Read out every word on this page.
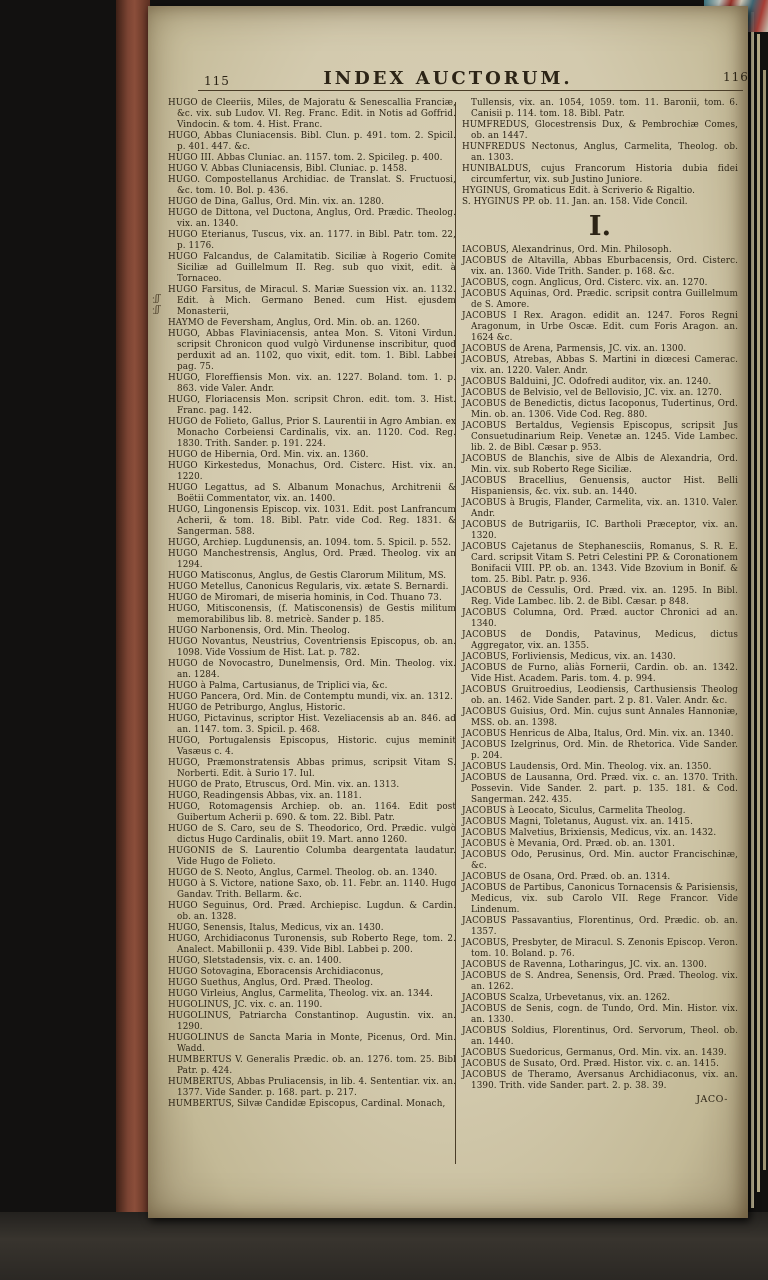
115	INDEX AUCTORUM.	116

HUGO de Cleeriis, Miles, de Majoratu & Senescallia Franciæ, &c. vix. sub Ludov. VI. Reg. Franc. Edit. in Notis ad Goffrid. Vindocin. & tom. 4. Hist. Franc.

HUGO, Abbas Cluniacensis. Bibl. Clun. p. 491. tom. 2. Spicil. p. 401. 447. &c.

HUGO III. Abbas Cluniac. an. 1157. tom. 2. Spicileg. p. 400.

HUGO V. Abbas Cluniacensis, Bibl. Cluniac. p. 1458.

HUGO. Compostellanus Archidiac. de Translat. S. Fructuosi, &c. tom. 10. Bol. p. 436.

HUGO de Dina, Gallus, Ord. Min. vix. an. 1280.

HUGO de Dittona, vel Ductona, Anglus, Ord. Prædic. Theolog. vix. an. 1340.

HUGO Eterianus, Tuscus, vix. an. 1177. in Bibl. Patr. tom. 22, p. 1176.

HUGO Falcandus, de Calamitatib. Siciliæ à Rogerio Comite Siciliæ ad Guillelmum II. Reg. sub quo vixit, edit. à Tornaceo.

HUGO Farsitus, de Miracul. S. Mariæ Suession vix. an. 1132. Edit. à Mich. Germano Bened. cum Hist. ejusdem Monasterii,

HAYMO de Feversham, Anglus, Ord. Min. ob. an. 1260.

HUGO, Abbas Flaviniacensis, antea Mon. S. Vitoni Virdun. scripsit Chronicon quod vulgò Virdunense inscribitur, quod perduxit ad an. 1102, quo vixit, edit. tom. 1. Bibl. Labbei pag. 75.

HUGO, Floreffiensis Mon. vix. an. 1227. Boland. tom. 1. p. 863. vide Valer. Andr.

HUGO, Floriacensis Mon. scripsit Chron. edit. tom. 3. Hist. Franc. pag. 142.

HUGO de Folieto, Gallus, Prior S. Laurentii in Agro Ambian. ex Monacho Corbeiensi Cardinalis, vix. an. 1120. Cod. Reg. 1830. Trith. Sander. p. 191. 224.

HUGO de Hibernia, Ord. Min. vix. an. 1360.

HUGO Kirkestedus, Monachus, Ord. Cisterc. Hist. vix. an. 1220.

HUGO Legattus, ad S. Albanum Monachus, Architrenii & Boëtii Commentator, vix. an. 1400.

HUGO, Lingonensis Episcop. vix. 1031. Edit. post Lanfrancum Acherii, & tom. 18. Bibl. Patr. vide Cod. Reg. 1831. & Sangerman. 588.

HUGO, Archiep. Lugdunensis, an. 1094. tom. 5. Spicil. p. 552.

HUGO Manchestrensis, Anglus, Ord. Præd. Theolog. vix an 1294.

HUGO Matisconus, Anglus, de Gestis Clarorum Militum, MS.

HUGO Metellus, Canonicus Regularis, vix. ætate S. Bernardi.

HUGO de Miromari, de miseria hominis, in Cod. Thuano 73.

HUGO, Mitisconensis, (f. Matisconensis) de Gestis militum memorabilibus lib. 8. metricè. Sander p. 185.

HUGO Narbonensis, Ord. Min. Theolog.

HUGO Novantus, Neustrius, Coventriensis Episcopus, ob. an. 1098. Vide Vossium de Hist. Lat. p. 782.

HUGO de Novocastro, Dunelmensis, Ord. Min. Theolog. vix. an. 1284.

HUGO à Palma, Cartusianus, de Triplici via, &c.

HUGO Pancera, Ord. Min. de Contemptu mundi, vix. an. 1312.

HUGO de Petriburgo, Anglus, Historic.

HUGO, Pictavinus, scriptor Hist. Vezeliacensis ab an. 846. ad an. 1147. tom. 3. Spicil. p. 468.

HUGO, Portugalensis Episcopus, Historic. cujus meminit Vasæus c. 4.

HUGO, Præmonstratensis Abbas primus, scripsit Vitam S. Norberti. Edit. à Surio 17. Iul.

HUGO de Prato, Etruscus, Ord. Min. vix. an. 1313.

HUGO, Readingensis Abbas, vix. an. 1181.

HUGO, Rotomagensis Archiep. ob. an. 1164. Edit post Guibertum Acherii p. 690. & tom. 22. Bibl. Patr.

HUGO de S. Caro, seu de S. Theodorico, Ord. Prædic. vulgò dictus Hugo Cardinalis, obiit 19. Mart. anno 1260.

HUGONIS de S. Laurentio Columba deargentata laudatur. Vide Hugo de Folieto.

HUGO de S. Neoto, Anglus, Carmel. Theolog. ob. an. 1340.

HUGO à S. Victore, natione Saxo, ob. 11. Febr. an. 1140. Hugo Gandav. Trith. Bellarm. &c.

HUGO Seguinus, Ord. Præd. Archiepisc. Lugdun. & Cardin. ob. an. 1328.

HUGO, Senensis, Italus, Medicus, vix an. 1430.

HUGO, Archidiaconus Turonensis, sub Roberto Rege, tom. 2. Analect. Mabillonii p. 439. Vide Bibl. Labbei p. 200.

HUGO, Sletstadensis, vix. c. an. 1400.

HUGO Sotovagina, Eboracensis Archidiaconus,

HUGO Suethus, Anglus, Ord. Præd. Theolog.

HUGO Virleius, Anglus, Carmelita, Theolog. vix. an. 1344.

HUGOLINUS, JC. vix. c. an. 1190.

HUGOLINUS, Patriarcha Constantinop. Augustin. vix. an. 1290.

HUGOLINUS de Sancta Maria in Monte, Picenus, Ord. Min. Wadd.

HUMBERTUS V. Generalis Prædic. ob. an. 1276. tom. 25. Bibl Patr. p. 424.

HUMBERTUS, Abbas Pruliacensis, in lib. 4. Sententiar. vix. an. 1377. Vide Sander. p. 168. part. p. 217.

HUMBERTUS, Silvæ Candidæ Episcopus, Cardinal. Monach,

Tullensis, vix. an. 1054, 1059. tom. 11. Baronii, tom. 6. Canisii p. 114. tom. 18. Bibl. Patr.

HUMFREDUS, Glocestrensis Dux, & Pembrochiæ Comes, ob. an 1447.

HUNFREDUS Nectonus, Anglus, Carmelita, Theolog. ob. an. 1303.

HUNIBALDUS, cujus Francorum Historia dubia fidei circumfertur, vix. sub Justino Juniore.

HYGINUS, Gromaticus Edit. à Scriverio & Rigaltio.

S. HYGINUS PP. ob. 11. Jan. an. 158. Vide Concil.

I.

IACOBUS, Alexandrinus, Ord. Min. Philosoph.

JACOBUS de Altavilla, Abbas Eburbacensis, Ord. Cisterc. vix. an. 1360. Vide Trith. Sander. p. 168. &c.

JACOBUS, cogn. Anglicus, Ord. Cisterc. vix. an. 1270.

JACOBUS Aquinas, Ord. Prædic. scripsit contra Guillelmum de S. Amore.

JACOBUS I Rex. Aragon. edidit an. 1247. Foros Regni Aragonum, in Urbe Oscæ. Edit. cum Foris Aragon. an. 1624 &c.

JACOBUS de Arena, Parmensis, JC. vix. an. 1300.

JACOBUS, Atrebas, Abbas S. Martini in diœcesi Camerac. vix. an. 1220. Valer. Andr.

JACOBUS Balduini, JC. Odofredi auditor, vix. an. 1240.

JACOBUS de Belvisio, vel de Bellovisio, JC. vix. an. 1270.

JACOBUS de Benedictis, dictus Iacoponus, Tudertinus, Ord. Min. ob. an. 1306. Vide Cod. Reg. 880.

JACOBUS Bertaldus, Vegiensis Episcopus, scripsit Jus Consuetudinarium Reip. Venetæ an. 1245. Vide Lambec. lib. 2. de Bibl. Cæsar p. 953.

JACOBUS de Blanchis, sive de Albis de Alexandria, Ord. Min. vix. sub Roberto Rege Siciliæ.

JACOBUS Bracellius, Genuensis, auctor Hist. Belli Hispaniensis, &c. vix. sub. an. 1440.

JACOBUS à Brugis, Flander, Carmelita, vix. an. 1310. Valer. Andr.

JACOBUS de Butrigariis, IC. Bartholi Præceptor, vix. an. 1320.

JACOBUS Cajetanus de Stephanesciis, Romanus, S. R. E. Card. scripsit Vitam S. Petri Celestini PP. & Coronationem Bonifacii VIII. PP. ob. an. 1343. Vide Bzovium in Bonif. & tom. 25. Bibl. Patr. p. 936.

JACOBUS de Cessulis, Ord. Præd. vix. an. 1295. In Bibl. Reg. Vide Lambec. lib. 2. de Bibl. Cæsar. p 848.

JACOBUS Columna, Ord. Præd. auctor Chronici ad an. 1340.

JACOBUS de Dondis, Patavinus, Medicus, dictus Aggregator, vix. an. 1355.

JACOBUS, Forliviensis, Medicus, vix. an. 1430.

JACOBUS de Furno, aliàs Fornerii, Cardin. ob. an. 1342. Vide Hist. Academ. Paris. tom. 4. p. 994.

JACOBUS Gruitroedius, Leodiensis, Carthusiensis Theolog ob. an. 1462. Vide Sander. part. 2 p. 81. Valer. Andr. &c.

JACOBUS Guisius, Ord. Min. cujus sunt Annales Hannoniæ, MSS. ob. an. 1398.

JACOBUS Henricus de Alba, Italus, Ord. Min. vix. an. 1340.

JACOBUS Izelgrinus, Ord. Min. de Rhetorica. Vide Sander. p. 204.

JACOBUS Laudensis, Ord. Min. Theolog. vix. an. 1350.

JACOBUS de Lausanna, Ord. Præd. vix. c. an. 1370. Trith. Possevin. Vide Sander. 2. part. p. 135. 181. & Cod. Sangerman. 242. 435.

JACOBUS à Leocato, Siculus, Carmelita Theolog.

JACOBUS Magni, Toletanus, August. vix. an. 1415.

JACOBUS Malvetius, Brixiensis, Medicus, vix. an. 1432.

JACOBUS è Mevania, Ord. Præd. ob. an. 1301.

JACOBUS Odo, Perusinus, Ord. Min. auctor Francischinæ, &c.

JACOBUS de Osana, Ord. Præd. ob. an. 1314.

JACOBUS de Partibus, Canonicus Tornacensis & Parisiensis, Medicus, vix. sub Carolo VII. Rege Francor. Vide Lindenum.

JACOBUS Passavantius, Florentinus, Ord. Prædic. ob. an. 1357.

JACOBUS, Presbyter, de Miracul. S. Zenonis Episcop. Veron. tom. 10. Boland. p. 76.

JACOBUS de Ravenna, Lotharingus, JC. vix. an. 1300.

JACOBUS de S. Andrea, Senensis, Ord. Præd. Theolog. vix. an. 1262.

JACOBUS Scalza, Urbevetanus, vix. an. 1262.

JACOBUS de Senis, cogn. de Tundo, Ord. Min. Histor. vix. an. 1330.

JACOBUS Soldius, Florentinus, Ord. Servorum, Theol. ob. an. 1440.

JACOBUS Suedoricus, Germanus, Ord. Min. vix. an. 1439.

JACOBUS de Susato, Ord. Præd. Histor. vix. c. an. 1415.

JACOBUS de Theramo, Aversanus Archidiaconus, vix. an. 1390. Trith. vide Sander. part. 2. p. 38. 39.

JACO-

·ʃʃ
·ʃʃ
